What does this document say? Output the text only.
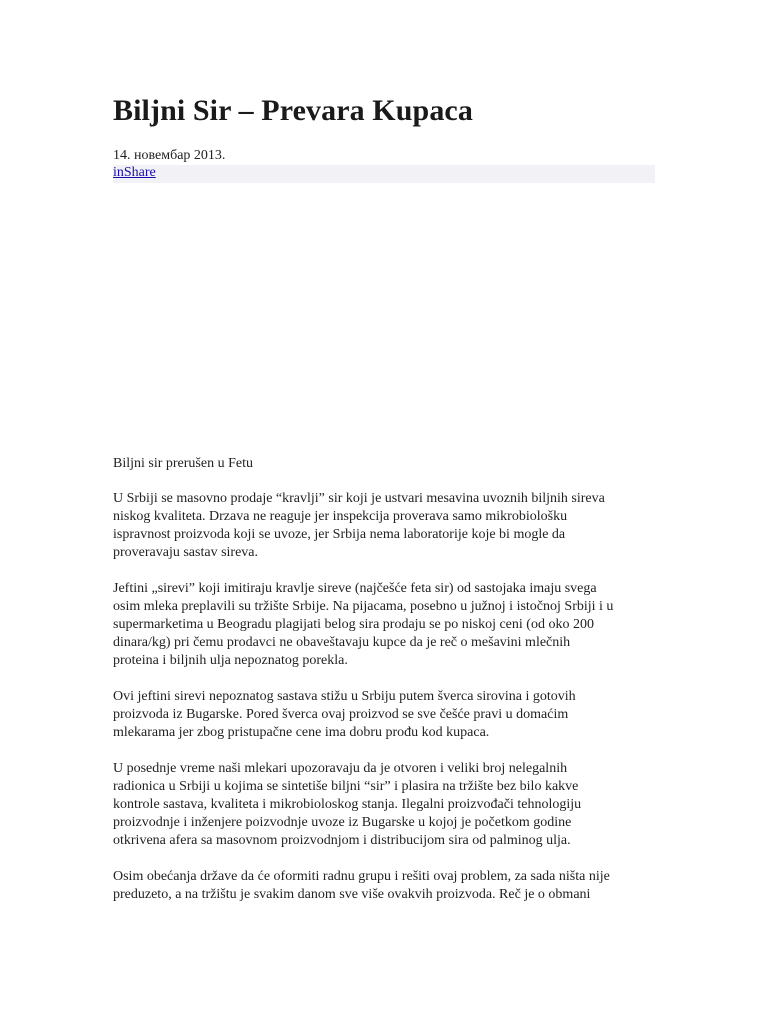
Biljni Sir – Prevara Kupaca
14. новембар 2013.
inShare
Biljni sir prerušen u Fetu

U Srbiji se masovno prodaje “kravlji” sir koji je ustvari mesavina uvoznih biljnih sireva
niskog kvaliteta. Drzava ne reaguje jer inspekcija proverava samo mikrobiološku
ispravnost proizvoda koji se uvoze, jer Srbija nema laboratorije koje bi mogle da
proveravaju sastav sireva.

Jeftini „sirevi” koji imitiraju kravlje sireve (najčešće feta sir) od sastojaka imaju svega
osim mleka preplavili su tržište Srbije. Na pijacama, posebno u južnoj i istočnoj Srbiji i u
supermarketima u Beogradu plagijati belog sira prodaju se po niskoj ceni (od oko 200
dinara/kg) pri čemu prodavci ne obaveštavaju kupce da je reč o mešavini mlečnih
proteina i biljnih ulja nepoznatog porekla.

Ovi jeftini sirevi nepoznatog sastava stižu u Srbiju putem šverca sirovina i gotovih
proizvoda iz Bugarske. Pored šverca ovaj proizvod se sve češće pravi u domaćim
mlekarama jer zbog pristupačne cene ima dobru prođu kod kupaca.

U posednje vreme naši mlekari upozoravaju da je otvoren i veliki broj nelegalnih
radionica u Srbiji u kojima se sintetiše biljni “sir” i plasira na tržište bez bilo kakve
kontrole sastava, kvaliteta i mikrobioloskog stanja. Ilegalni proizvođači tehnologiju
proizvodnje i inženjere poizvodnje uvoze iz Bugarske u kojoj je početkom godine
otkrivena afera sa masovnom proizvodnjom i distribucijom sira od palminog ulja.

Osim obećanja države da će oformiti radnu grupu i rešiti ovaj problem, za sada ništa nije
preduzeto, a na tržištu je svakim danom sve više ovakvih proizvoda. Reč je o obmani
